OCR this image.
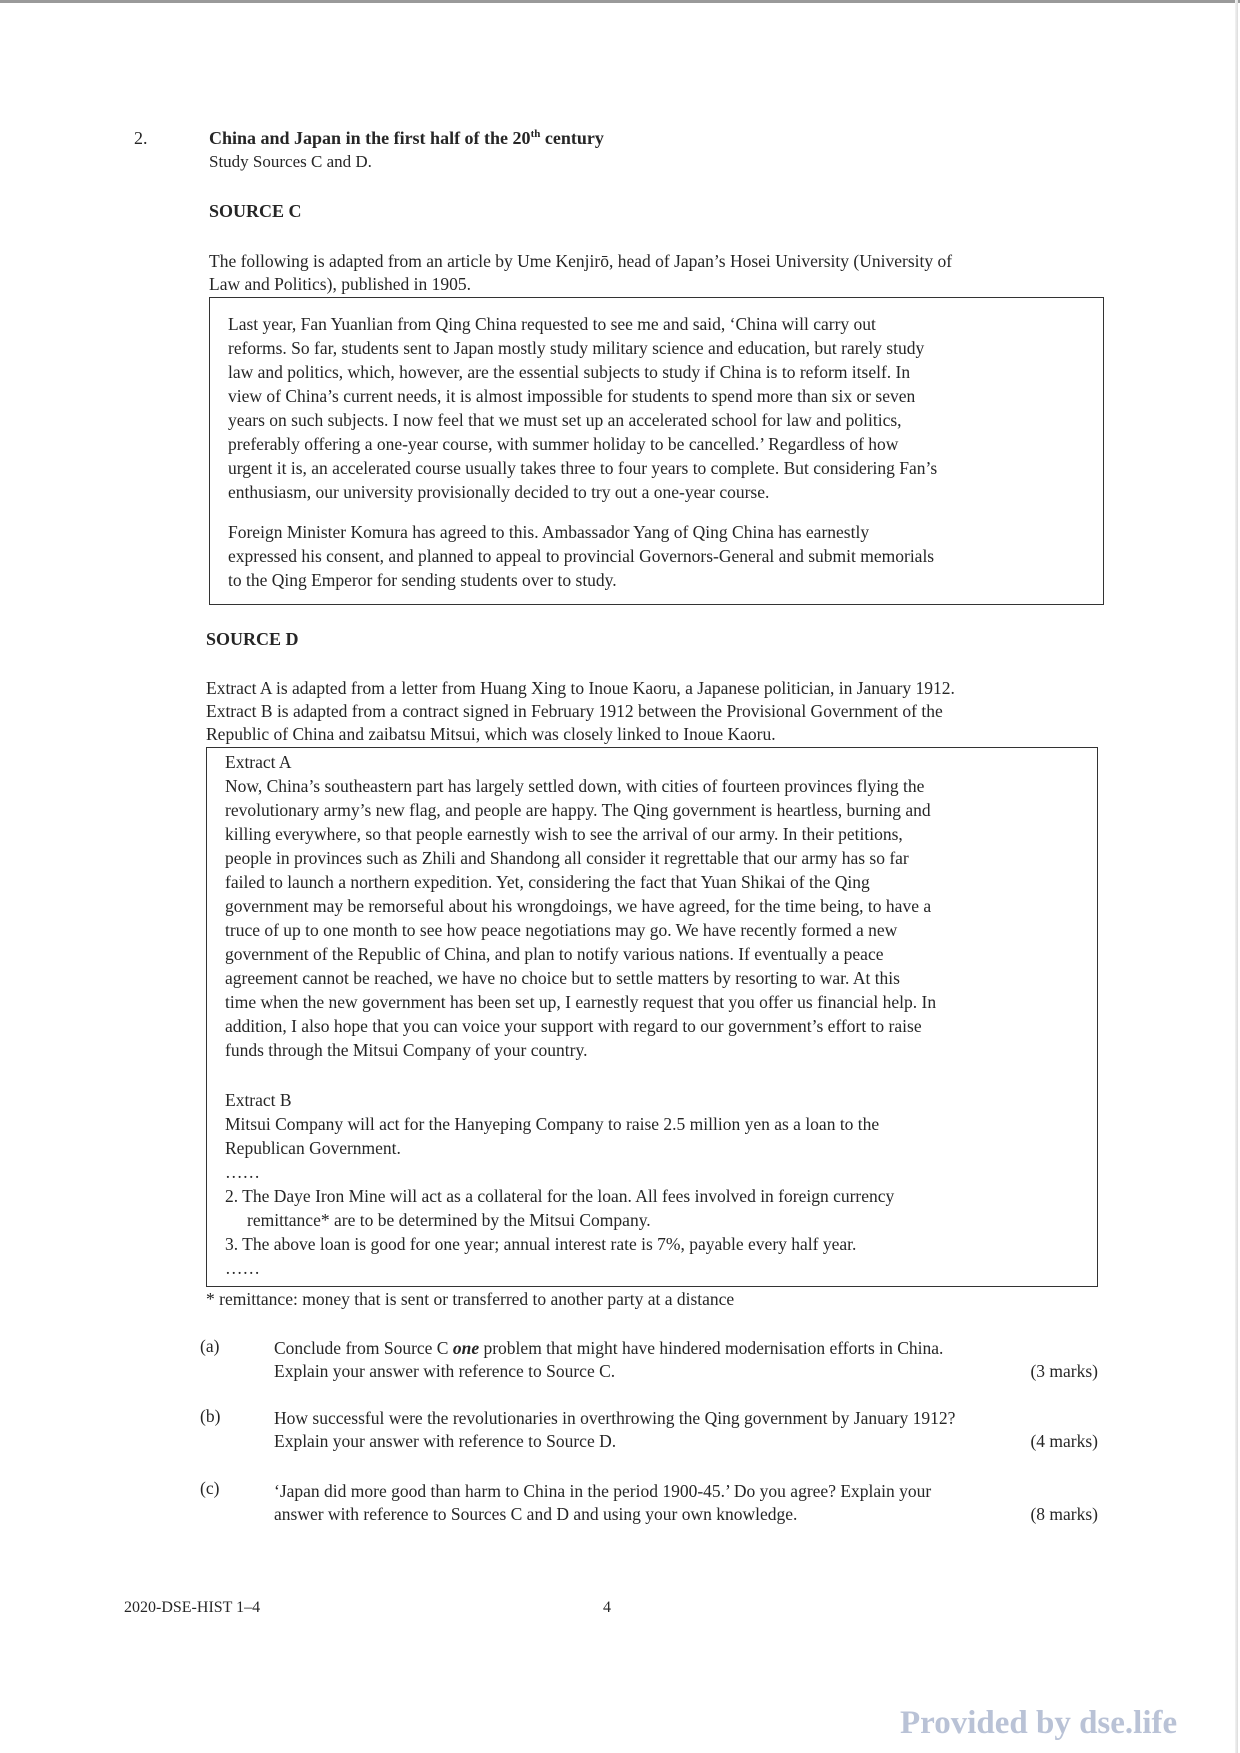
2.	China and Japan in the first half of the 20th century
Study Sources C and D.
SOURCE C
The following is adapted from an article by Ume Kenjirō, head of Japan’s Hosei University (University of
Law and Politics), published in 1905.
Last year, Fan Yuanlian from Qing China requested to see me and said, ‘China will carry out
reforms. So far, students sent to Japan mostly study military science and education, but rarely study
law and politics, which, however, are the essential subjects to study if China is to reform itself. In
view of China’s current needs, it is almost impossible for students to spend more than six or seven
years on such subjects. I now feel that we must set up an accelerated school for law and politics,
preferably offering a one-year course, with summer holiday to be cancelled.’ Regardless of how
urgent it is, an accelerated course usually takes three to four years to complete. But considering Fan’s
enthusiasm, our university provisionally decided to try out a one-year course.
Foreign Minister Komura has agreed to this. Ambassador Yang of Qing China has earnestly
expressed his consent, and planned to appeal to provincial Governors-General and submit memorials
to the Qing Emperor for sending students over to study.
SOURCE D
Extract A is adapted from a letter from Huang Xing to Inoue Kaoru, a Japanese politician, in January 1912.
Extract B is adapted from a contract signed in February 1912 between the Provisional Government of the
Republic of China and zaibatsu Mitsui, which was closely linked to Inoue Kaoru.
Extract A
Now, China’s southeastern part has largely settled down, with cities of fourteen provinces flying the
revolutionary army’s new flag, and people are happy. The Qing government is heartless, burning and
killing everywhere, so that people earnestly wish to see the arrival of our army. In their petitions,
people in provinces such as Zhili and Shandong all consider it regrettable that our army has so far
failed to launch a northern expedition. Yet, considering the fact that Yuan Shikai of the Qing
government may be remorseful about his wrongdoings, we have agreed, for the time being, to have a
truce of up to one month to see how peace negotiations may go. We have recently formed a new
government of the Republic of China, and plan to notify various nations. If eventually a peace
agreement cannot be reached, we have no choice but to settle matters by resorting to war. At this
time when the new government has been set up, I earnestly request that you offer us financial help. In
addition, I also hope that you can voice your support with regard to our government’s effort to raise
funds through the Mitsui Company of your country.
Extract B
Mitsui Company will act for the Hanyeping Company to raise 2.5 million yen as a loan to the
Republican Government.
……
2. The Daye Iron Mine will act as a collateral for the loan. All fees involved in foreign currency
remittance* are to be determined by the Mitsui Company.
3. The above loan is good for one year; annual interest rate is 7%, payable every half year.
……
* remittance: money that is sent or transferred to another party at a distance
(a)	Conclude from Source C one problem that might have hindered modernisation efforts in China.
Explain your answer with reference to Source C.	(3 marks)
(b)	How successful were the revolutionaries in overthrowing the Qing government by January 1912?
Explain your answer with reference to Source D.	(4 marks)
(c)	‘Japan did more good than harm to China in the period 1900-45.’ Do you agree? Explain your
answer with reference to Sources C and D and using your own knowledge.	(8 marks)
2020-DSE-HIST 1–4	4
Provided by dse.life
